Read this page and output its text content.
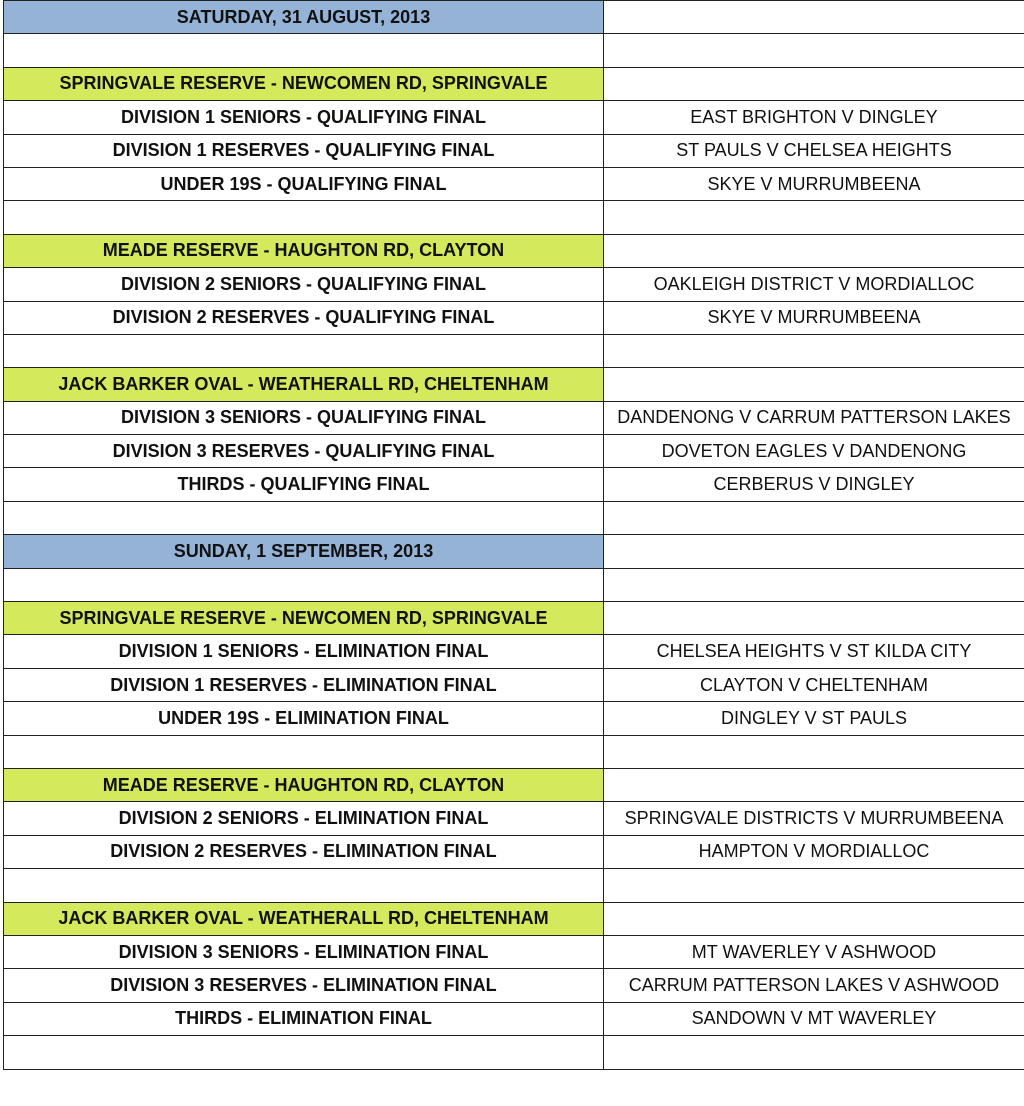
SATURDAY, 31 AUGUST, 2013	

SPRINGVALE RESERVE - NEWCOMEN RD, SPRINGVALE	
DIVISION 1 SENIORS - QUALIFYING FINAL	EAST BRIGHTON V DINGLEY
DIVISION 1 RESERVES - QUALIFYING FINAL	ST PAULS V CHELSEA HEIGHTS
UNDER 19S - QUALIFYING FINAL	SKYE V MURRUMBEENA

MEADE RESERVE - HAUGHTON RD, CLAYTON	
DIVISION 2 SENIORS - QUALIFYING FINAL	OAKLEIGH DISTRICT V MORDIALLOC
DIVISION 2 RESERVES - QUALIFYING FINAL	SKYE V MURRUMBEENA

JACK BARKER OVAL - WEATHERALL RD, CHELTENHAM	
DIVISION 3 SENIORS - QUALIFYING FINAL	DANDENONG V CARRUM PATTERSON LAKES
DIVISION 3 RESERVES - QUALIFYING FINAL	DOVETON EAGLES V DANDENONG
THIRDS - QUALIFYING FINAL	CERBERUS V DINGLEY

SUNDAY, 1 SEPTEMBER, 2013	

SPRINGVALE RESERVE - NEWCOMEN RD, SPRINGVALE	
DIVISION 1 SENIORS - ELIMINATION FINAL	CHELSEA HEIGHTS V ST KILDA CITY
DIVISION 1 RESERVES - ELIMINATION FINAL	CLAYTON V CHELTENHAM
UNDER 19S - ELIMINATION FINAL	DINGLEY V ST PAULS

MEADE RESERVE - HAUGHTON RD, CLAYTON	
DIVISION 2 SENIORS - ELIMINATION FINAL	SPRINGVALE DISTRICTS V MURRUMBEENA
DIVISION 2 RESERVES - ELIMINATION FINAL	HAMPTON V MORDIALLOC

JACK BARKER OVAL - WEATHERALL RD, CHELTENHAM	
DIVISION 3 SENIORS - ELIMINATION FINAL	MT WAVERLEY V ASHWOOD
DIVISION 3 RESERVES - ELIMINATION FINAL	CARRUM PATTERSON LAKES V ASHWOOD
THIRDS - ELIMINATION FINAL	SANDOWN V MT WAVERLEY
